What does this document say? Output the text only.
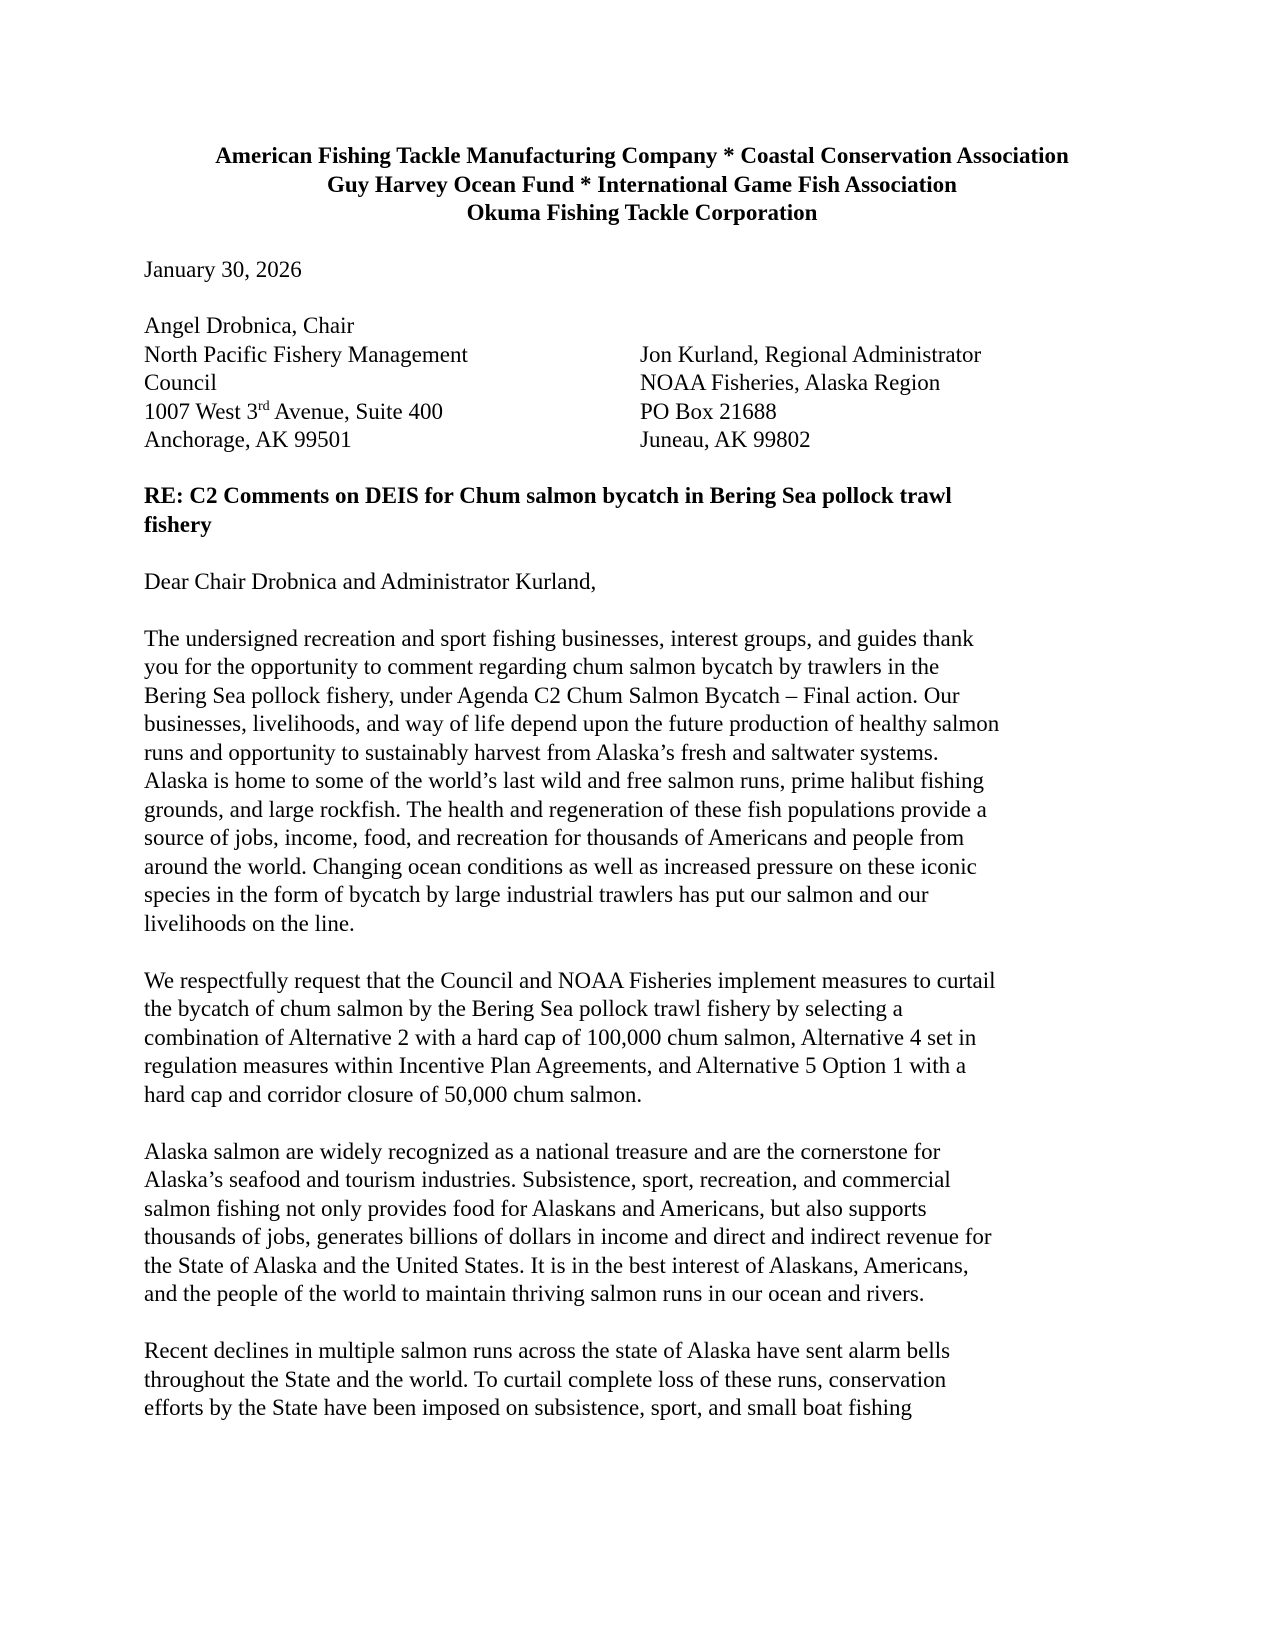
American Fishing Tackle Manufacturing Company * Coastal Conservation Association
Guy Harvey Ocean Fund * International Game Fish Association
Okuma Fishing Tackle Corporation
January 30, 2026
Angel Drobnica, Chair
North Pacific Fishery Management
Council
1007 West 3rd Avenue, Suite 400
Anchorage, AK 99501
Jon Kurland, Regional Administrator
NOAA Fisheries, Alaska Region
PO Box 21688
Juneau, AK 99802
RE: C2 Comments on DEIS for Chum salmon bycatch in Bering Sea pollock trawl
fishery
Dear Chair Drobnica and Administrator Kurland,
The undersigned recreation and sport fishing businesses, interest groups, and guides thank
you for the opportunity to comment regarding chum salmon bycatch by trawlers in the
Bering Sea pollock fishery, under Agenda C2 Chum Salmon Bycatch – Final action. Our
businesses, livelihoods, and way of life depend upon the future production of healthy salmon
runs and opportunity to sustainably harvest from Alaska’s fresh and saltwater systems.
Alaska is home to some of the world’s last wild and free salmon runs, prime halibut fishing
grounds, and large rockfish. The health and regeneration of these fish populations provide a
source of jobs, income, food, and recreation for thousands of Americans and people from
around the world. Changing ocean conditions as well as increased pressure on these iconic
species in the form of bycatch by large industrial trawlers has put our salmon and our
livelihoods on the line.
We respectfully request that the Council and NOAA Fisheries implement measures to curtail
the bycatch of chum salmon by the Bering Sea pollock trawl fishery by selecting a
combination of Alternative 2 with a hard cap of 100,000 chum salmon, Alternative 4 set in
regulation measures within Incentive Plan Agreements, and Alternative 5 Option 1 with a
hard cap and corridor closure of 50,000 chum salmon.
Alaska salmon are widely recognized as a national treasure and are the cornerstone for
Alaska’s seafood and tourism industries. Subsistence, sport, recreation, and commercial
salmon fishing not only provides food for Alaskans and Americans, but also supports
thousands of jobs, generates billions of dollars in income and direct and indirect revenue for
the State of Alaska and the United States. It is in the best interest of Alaskans, Americans,
and the people of the world to maintain thriving salmon runs in our ocean and rivers.
Recent declines in multiple salmon runs across the state of Alaska have sent alarm bells
throughout the State and the world. To curtail complete loss of these runs, conservation
efforts by the State have been imposed on subsistence, sport, and small boat fishing
